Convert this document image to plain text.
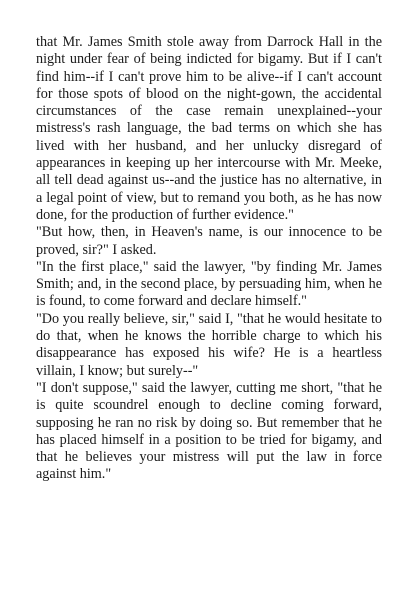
that Mr. James Smith stole away from Darrock Hall in the night under fear of being indicted for bigamy. But if I can't find him--if I can't prove him to be alive--if I can't account for those spots of blood on the night-gown, the accidental circumstances of the case remain unexplained--your mistress's rash language, the bad terms on which she has lived with her husband, and her unlucky disregard of appearances in keeping up her intercourse with Mr. Meeke, all tell dead against us--and the justice has no alternative, in a legal point of view, but to remand you both, as he has now done, for the production of further evidence."

"But how, then, in Heaven's name, is our innocence to be proved, sir?" I asked.

"In the first place," said the lawyer, "by finding Mr. James Smith; and, in the second place, by persuading him, when he is found, to come forward and declare himself."

"Do you really believe, sir," said I, "that he would hesitate to do that, when he knows the horrible charge to which his disappearance has exposed his wife? He is a heartless villain, I know; but surely--"

"I don't suppose," said the lawyer, cutting me short, "that he is quite scoundrel enough to decline coming forward, supposing he ran no risk by doing so. But remember that he has placed himself in a position to be tried for bigamy, and that he believes your mistress will put the law in force against him."
